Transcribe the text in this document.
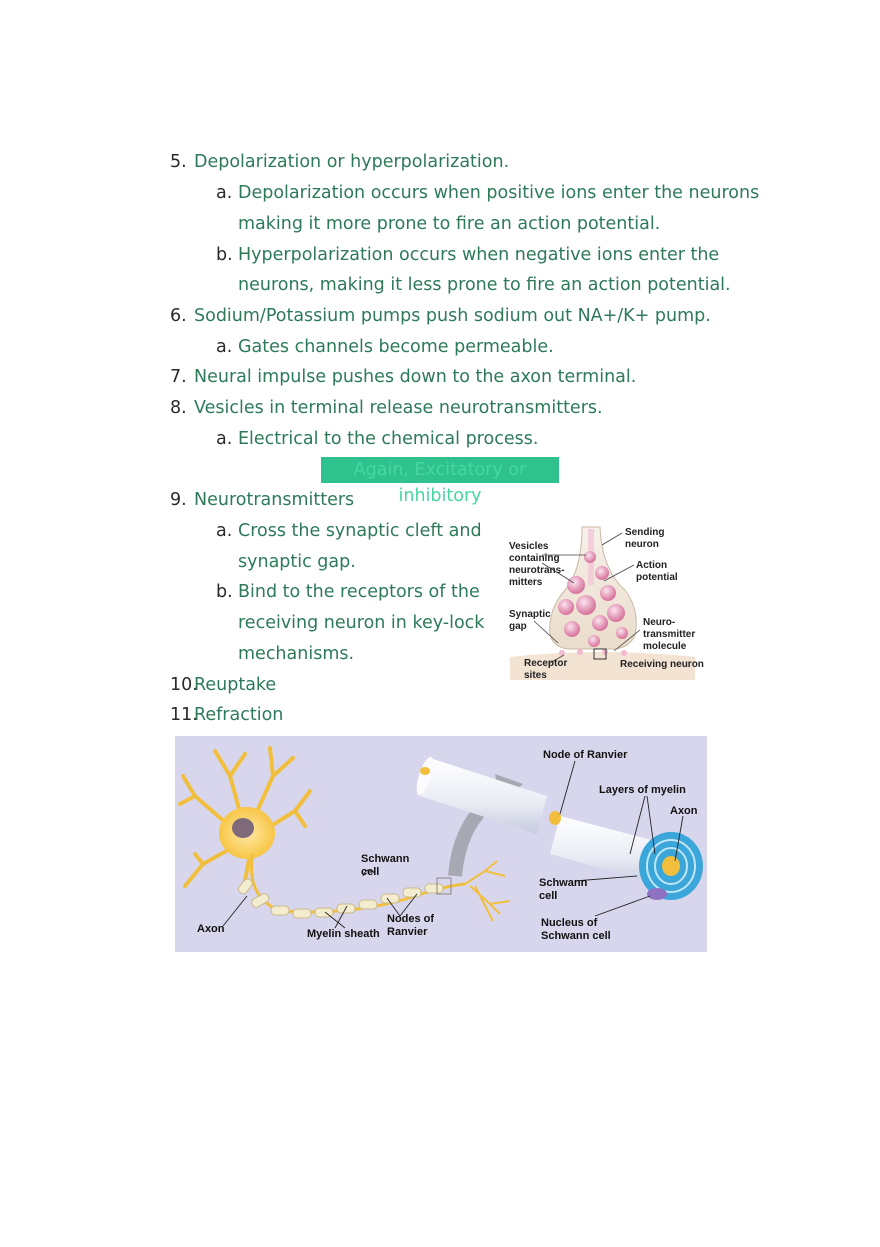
5. Depolarization or hyperpolarization.
a. Depolarization occurs when positive ions enter the neurons
making it more prone to fire an action potential.
b. Hyperpolarization occurs when negative ions enter the
neurons, making it less prone to fire an action potential.
6. Sodium/Potassium pumps push sodium out NA+/K+ pump.
a. Gates channels become permeable.
7. Neural impulse pushes down to the axon terminal.
8. Vesicles in terminal release neurotransmitters.
a. Electrical to the chemical process.
Again, Excitatory or inhibitory
9. Neurotransmitters
a. Cross the synaptic cleft and
synaptic gap.
b. Bind to the receptors of the
receiving neuron in key-lock
mechanisms.
10.
Reuptake
11.
Refraction
Sending
neuron
Vesicles
containing
neurotrans-
mitters
Action
potential
Synaptic
gap	Neuro-
transmitter
molecule
Receptor
sites
Receiving neuron
Node of Ranvier
Layers of myelin
Axon
Schwann
cell
Schwann
cell
Nucleus of
Schwann cell
Axon	Myelin sheath
Nodes of
Ranvier
